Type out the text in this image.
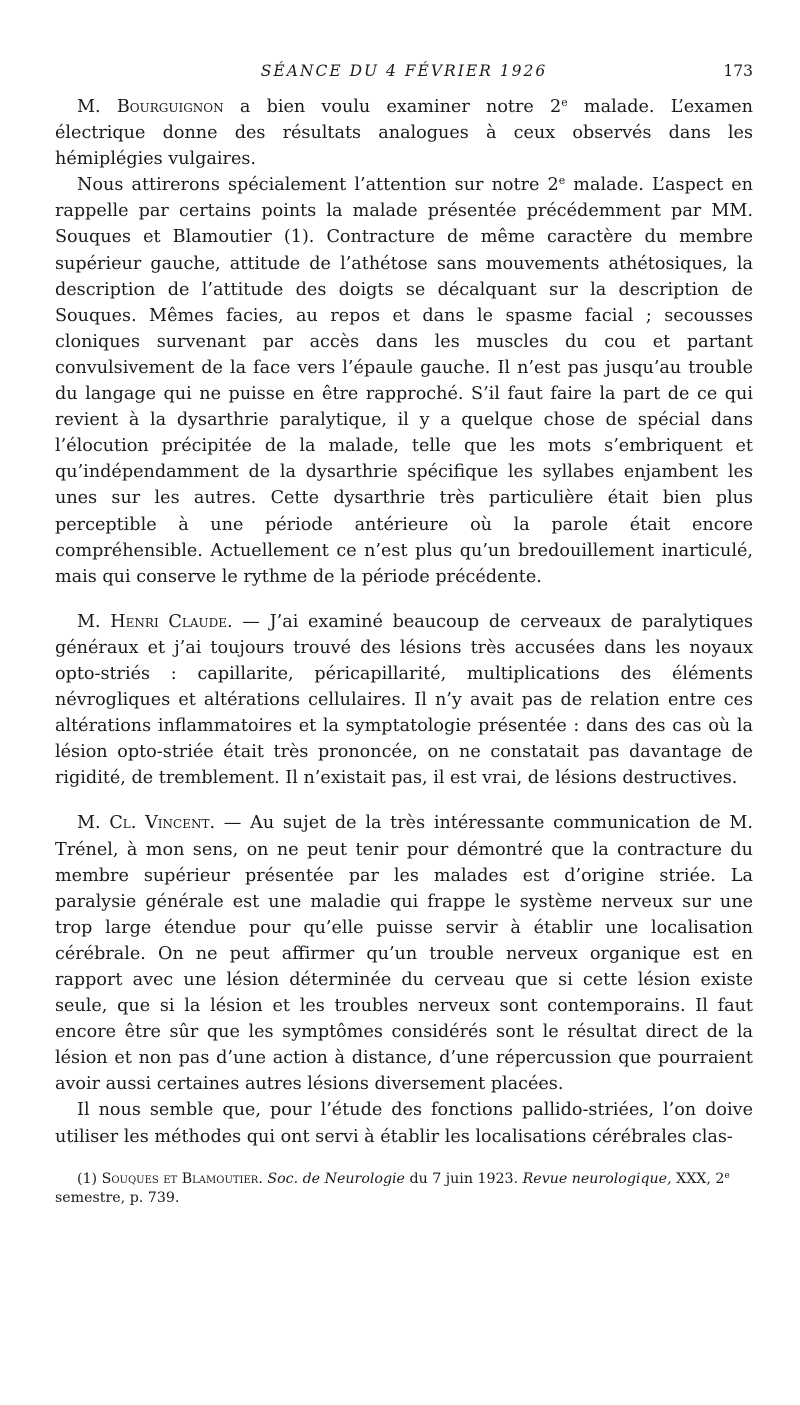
SÉANCE DU 4 FÉVRIER 1926	173

M. Bourguignon a bien voulu examiner notre 2e malade. L’examen électrique donne des résultats analogues à ceux observés dans les hémiplégies vulgaires.

Nous attirerons spécialement l’attention sur notre 2e malade. L’aspect en rappelle par certains points la malade présentée précédemment par MM. Souques et Blamoutier (1). Contracture de même caractère du membre supérieur gauche, attitude de l’athétose sans mouvements athétosiques, la description de l’attitude des doigts se décalquant sur la description de Souques. Mêmes facies, au repos et dans le spasme facial ; secousses cloniques survenant par accès dans les muscles du cou et partant convulsivement de la face vers l’épaule gauche. Il n’est pas jusqu’au trouble du langage qui ne puisse en être rapproché. S’il faut faire la part de ce qui revient à la dysarthrie paralytique, il y a quelque chose de spécial dans l’élocution précipitée de la malade, telle que les mots s’embriquent et qu’indépendamment de la dysarthrie spécifique les syllabes enjambent les unes sur les autres. Cette dysarthrie très particulière était bien plus perceptible à une période antérieure où la parole était encore compréhensible. Actuellement ce n’est plus qu’un bredouillement inarticulé, mais qui conserve le rythme de la période précédente.

M. Henri Claude. — J’ai examiné beaucoup de cerveaux de paralytiques généraux et j’ai toujours trouvé des lésions très accusées dans les noyaux opto-striés : capillarite, péricapillarité, multiplications des éléments névrogliques et altérations cellulaires. Il n’y avait pas de relation entre ces altérations inflammatoires et la symptatologie présentée : dans des cas où la lésion opto-striée était très prononcée, on ne constatait pas davantage de rigidité, de tremblement. Il n’existait pas, il est vrai, de lésions destructives.

M. Cl. Vincent. — Au sujet de la très intéressante communication de M. Trénel, à mon sens, on ne peut tenir pour démontré que la contracture du membre supérieur présentée par les malades est d’origine striée. La paralysie générale est une maladie qui frappe le système nerveux sur une trop large étendue pour qu’elle puisse servir à établir une localisation cérébrale. On ne peut affirmer qu’un trouble nerveux organique est en rapport avec une lésion déterminée du cerveau que si cette lésion existe seule, que si la lésion et les troubles nerveux sont contemporains. Il faut encore être sûr que les symptômes considérés sont le résultat direct de la lésion et non pas d’une action à distance, d’une répercussion que pourraient avoir aussi certaines autres lésions diversement placées.

Il nous semble que, pour l’étude des fonctions pallido-striées, l’on doive utiliser les méthodes qui ont servi à établir les localisations cérébrales clas-

(1) Souques et Blamoutier. Soc. de Neurologie du 7 juin 1923. Revue neurologique, XXX, 2e semestre, p. 739.
